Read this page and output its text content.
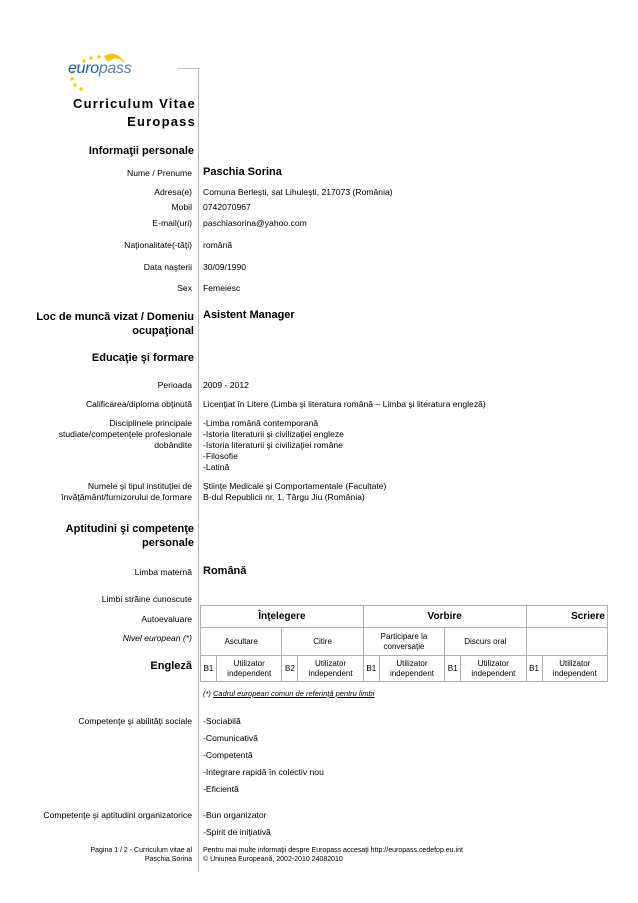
europass
Curriculum Vitae
Europass
Informaţii personale
Nume / Prenume Paschia Sorina
Adresa(e) Comuna Berleşti, sat Lihuleşti, 217073 (România)
Mobil 0742070967
E-mail(uri) paschiasorina@yahoo.com
Naţionalitate(-tăţi) română
Data naşterii 30/09/1990
Sex Femeiesc
Loc de muncă vizat / Domeniu
ocupaţional
Asistent Manager
Educaţie şi formare
Perioada 2009 - 2012
Calificarea/diploma obţinută Licenţiat în Litere (Limba şi literatura română – Limba şi literatura engleză)
Disciplinele principale
studiate/competenţele profesionale
dobândite
-Limba română contemporană
-Istoria literaturii şi civilizaţiei engleze
-Istoria literaturii şi civilizaţiei române
-Filosofie
-Latină
Numele şi tipul instituţiei de
învăţământ/furnizorului de formare
Ştiinţe Medicale şi Comportamentale (Facultate)
B-dul Republicii nr. 1, Târgu Jiu (România)
Aptitudini şi competenţe
personale
Limba maternă Română
Limbi străine cunoscute
Autoevaluare
Nivel european (*)
Engleză
Înţelegere				Vorbire				Scriere	
Ascultare		Citire		Participare la conversaţie		Discurs oral			
B1	Utilizator independent	B2	Utilizator independent	B1	Utilizator independent	B1	Utilizator independent	B1	Utilizator independent
(*) Cadrul european comun de referinţă pentru limbi
Competenţe şi abilităţi sociale -Sociabilă
-Comunicativă
-Competentă
-Integrare rapidă în colectiv nou
-Eficientă
Competenţe şi aptitudini organizatorice -Bun organizator
-Spirit de iniţiativă
Pagina 1 / 2 - Curriculum vitae al
Paschia Sorina
Pentru mai multe informaţii despre Europass accesaţi http://europass.cedefop.eu.int
© Uniunea Europeană, 2002-2010 24082010
